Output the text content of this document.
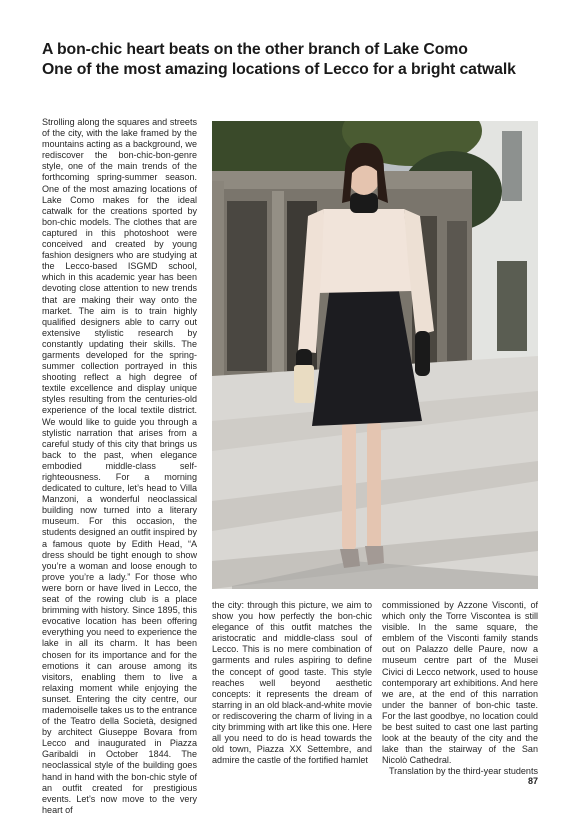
A bon-chic heart beats on the other branch of Lake Como
One of the most amazing locations of Lecco for a bright catwalk

Strolling along the squares and streets of the city, with the lake framed by the mountains acting as a background, we rediscover the bon-chic-bon-genre style, one of the main trends of the forthcoming spring-summer season. One of the most amazing locations of Lake Como makes for the ideal catwalk for the creations sported by bon-chic models. The clothes that are captured in this photoshoot were conceived and created by young fashion designers who are studying at the Lecco-based ISGMD school, which in this academic year has been devoting close attention to new trends that are making their way onto the market. The aim is to train highly qualified designers able to carry out extensive stylistic research by constantly updating their skills. The garments developed for the spring-summer collection portrayed in this shooting reflect a high degree of textile excellence and display unique styles resulting from the centuries-old experience of the local textile district. We would like to guide you through a stylistic narration that arises from a careful study of this city that brings us back to the past, when elegance embodied middle-class self-righteousness. For a morning dedicated to culture, let’s head to Villa Manzoni, a wonderful neoclassical building now turned into a literary museum. For this occasion, the students designed an outfit inspired by a famous quote by Edith Head, “A dress should be tight enough to show you’re a woman and loose enough to prove you’re a lady.” For those who were born or have lived in Lecco, the seat of the rowing club is a place brimming with history. Since 1895, this evocative location has been offering everything you need to experience the lake in all its charm. It has been chosen for its importance and for the emotions it can arouse among its visitors, enabling them to live a relaxing moment while enjoying the sunset. Entering the city centre, our mademoiselle takes us to the entrance of the Teatro della Società, designed by architect Giuseppe Bovara from Lecco and inaugurated in Piazza Garibaldi in October 1844. The neoclassical style of the building goes hand in hand with the bon-chic style of an outfit created for prestigious events. Let’s now move to the very heart of

the city: through this picture, we aim to show you how perfectly the bon-chic elegance of this outfit matches the aristocratic and middle-class soul of Lecco. This is no mere combination of garments and rules aspiring to define the concept of good taste. This style reaches well beyond aesthetic concepts: it represents the dream of starring in an old black-and-white movie or rediscovering the charm of living in a city brimming with art like this one. Here all you need to do is head towards the old town, Piazza XX Settembre, and admire the castle of the fortified hamlet

commissioned by Azzone Visconti, of which only the Torre Viscontea is still visible. In the same square, the emblem of the Visconti family stands out on Palazzo delle Paure, now a museum centre part of the Musei Civici di Lecco network, used to house contemporary art exhibitions. And here we are, at the end of this narration under the banner of bon-chic taste. For the last goodbye, no location could be best suited to cast one last parting look at the beauty of the city and the lake than the stairway of the San Nicolò Cathedral.

Translation by the third-year students

87
